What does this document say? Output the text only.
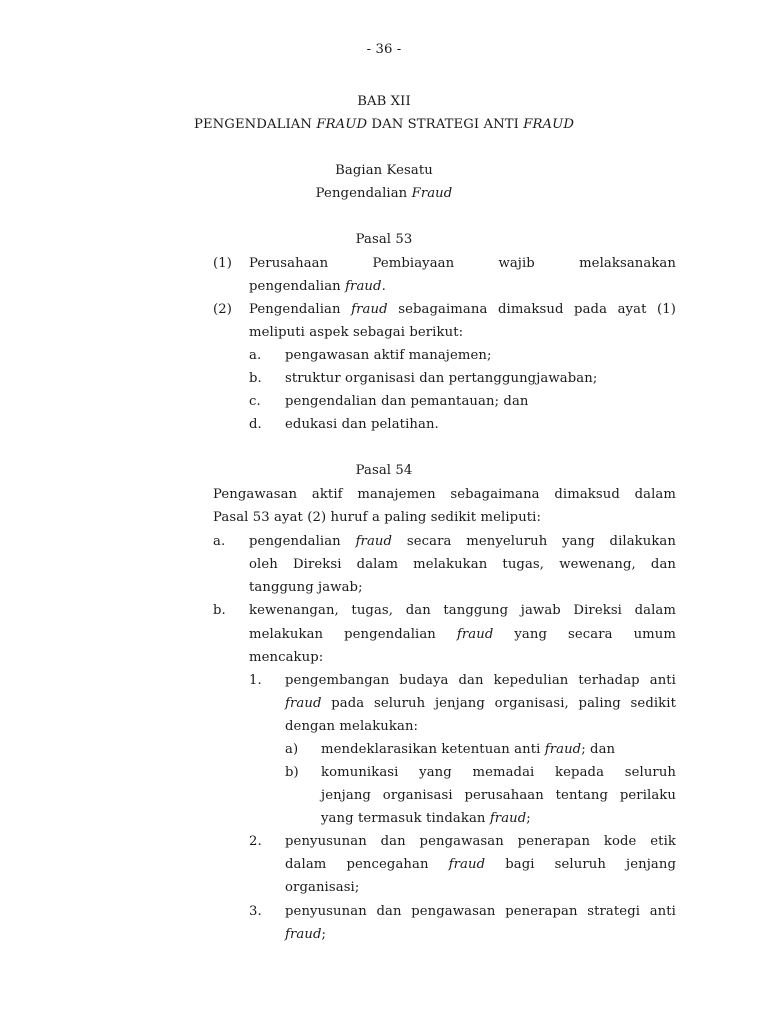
- 36 -
BAB XII
PENGENDALIAN FRAUD DAN STRATEGI ANTI FRAUD
Bagian Kesatu
Pengendalian Fraud
Pasal 53
(1) Perusahaan Pembiayaan wajib melaksanakan
pengendalian fraud.
(2) Pengendalian fraud sebagaimana dimaksud pada ayat (1)
meliputi aspek sebagai berikut:
a. pengawasan aktif manajemen;
b. struktur organisasi dan pertanggungjawaban;
c. pengendalian dan pemantauan; dan
d. edukasi dan pelatihan.
Pasal 54
Pengawasan aktif manajemen sebagaimana dimaksud dalam
Pasal 53 ayat (2) huruf a paling sedikit meliputi:
a. pengendalian fraud secara menyeluruh yang dilakukan
oleh Direksi dalam melakukan tugas, wewenang, dan
tanggung jawab;
b. kewenangan, tugas, dan tanggung jawab Direksi dalam
melakukan pengendalian fraud yang secara umum
mencakup:
1. pengembangan budaya dan kepedulian terhadap anti
fraud pada seluruh jenjang organisasi, paling sedikit
dengan melakukan:
a) mendeklarasikan ketentuan anti fraud; dan
b) komunikasi yang memadai kepada seluruh
jenjang organisasi perusahaan tentang perilaku
yang termasuk tindakan fraud;
2. penyusunan dan pengawasan penerapan kode etik
dalam pencegahan fraud bagi seluruh jenjang
organisasi;
3. penyusunan dan pengawasan penerapan strategi anti
fraud;
